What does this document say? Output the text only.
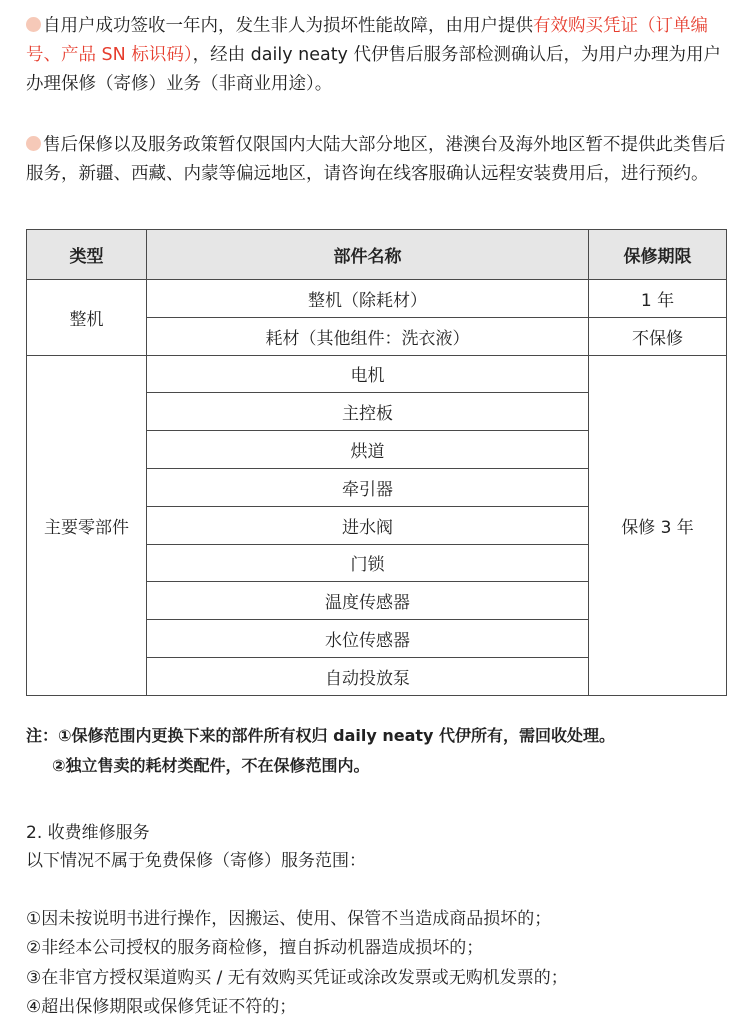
自用户成功签收一年内，发生非人为损坏性能故障，由用户提供有效购买凭证（订单编号、产品 SN 标识码），经由 daily neaty 代伊售后服务部检测确认后，为用户办理为用户办理保修（寄修）业务（非商业用途）。
售后保修以及服务政策暂仅限国内大陆大部分地区，港澳台及海外地区暂不提供此类售后服务，新疆、西藏、内蒙等偏远地区，请咨询在线客服确认远程安装费用后，进行预约。
类型	部件名称	保修期限
整机	整机（除耗材）	1 年
	耗材（其他组件：洗衣液）	不保修
主要零部件	电机	保修 3 年
	主控板	
	烘道	
	牵引器	
	进水阀	
	门锁	
	温度传感器	
	水位传感器	
	自动投放泵	
注：①保修范围内更换下来的部件所有权归 daily neaty 代伊所有，需回收处理。
②独立售卖的耗材类配件，不在保修范围内。
2. 收费维修服务
以下情况不属于免费保修（寄修）服务范围：
①因未按说明书进行操作，因搬运、使用、保管不当造成商品损坏的；
②非经本公司授权的服务商检修，擅自拆动机器造成损坏的；
③在非官方授权渠道购买 / 无有效购买凭证或涂改发票或无购机发票的；
④超出保修期限或保修凭证不符的；
